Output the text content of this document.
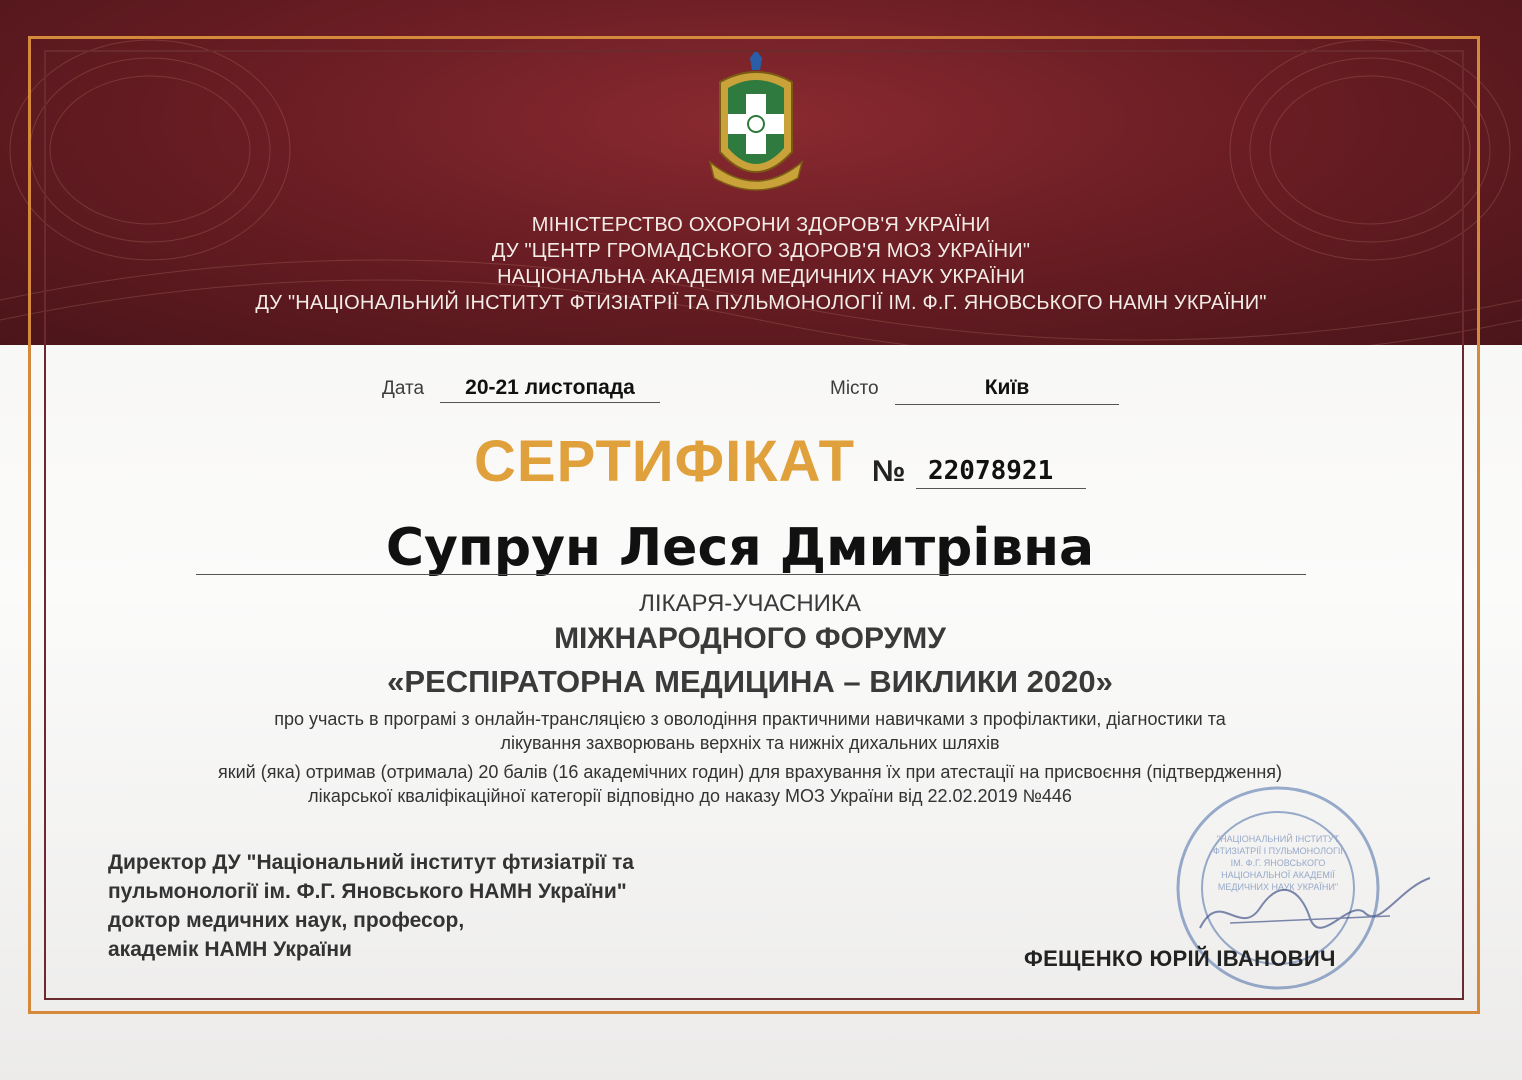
МІНІСТЕРСТВО ОХОРОНИ ЗДОРОВ'Я УКРАЇНИ
ДУ "ЦЕНТР ГРОМАДСЬКОГО ЗДОРОВ'Я МОЗ УКРАЇНИ"
НАЦІОНАЛЬНА АКАДЕМІЯ МЕДИЧНИХ НАУК УКРАЇНИ
ДУ "НАЦІОНАЛЬНИЙ ІНСТИТУТ ФТИЗІАТРІЇ ТА ПУЛЬМОНОЛОГІЇ ІМ. Ф.Г. ЯНОВСЬКОГО НАМН УКРАЇНИ"
Дата	20-21 листопада	Місто	Київ
СЕРТИФІКАТ № 22078921
Супрун Леся Дмитрівна
ЛІКАРЯ-УЧАСНИКА
МІЖНАРОДНОГО ФОРУМУ
«РЕСПІРАТОРНА МЕДИЦИНА – ВИКЛИКИ 2020»
про участь в програмі з онлайн-трансляцією з оволодіння практичними навичками з профілактики, діагностики та
лікування захворювань верхніх та нижніх дихальних шляхів
який (яка) отримав (отримала) 20 балів (16 академічних годин) для врахування їх при атестації на присвоєння (підтвердження)
лікарської кваліфікаційної категорії відповідно до наказу МОЗ України від 22.02.2019 №446
Директор ДУ "Національний інститут фтизіатрії та
пульмонології ім. Ф.Г. Яновського НАМН України"
доктор медичних наук, професор,
академік НАМН України
"НАЦІОНАЛЬНИЙ ІНСТИТУТ
ФТИЗІАТРІЇ І ПУЛЬМОНОЛОГІЇ
ІМ. Ф.Г. ЯНОВСЬКОГО
НАЦІОНАЛЬНОЇ АКАДЕМІЇ
МЕДИЧНИХ НАУК УКРАЇНИ"
ФЕЩЕНКО ЮРІЙ ІВАНОВИЧ
